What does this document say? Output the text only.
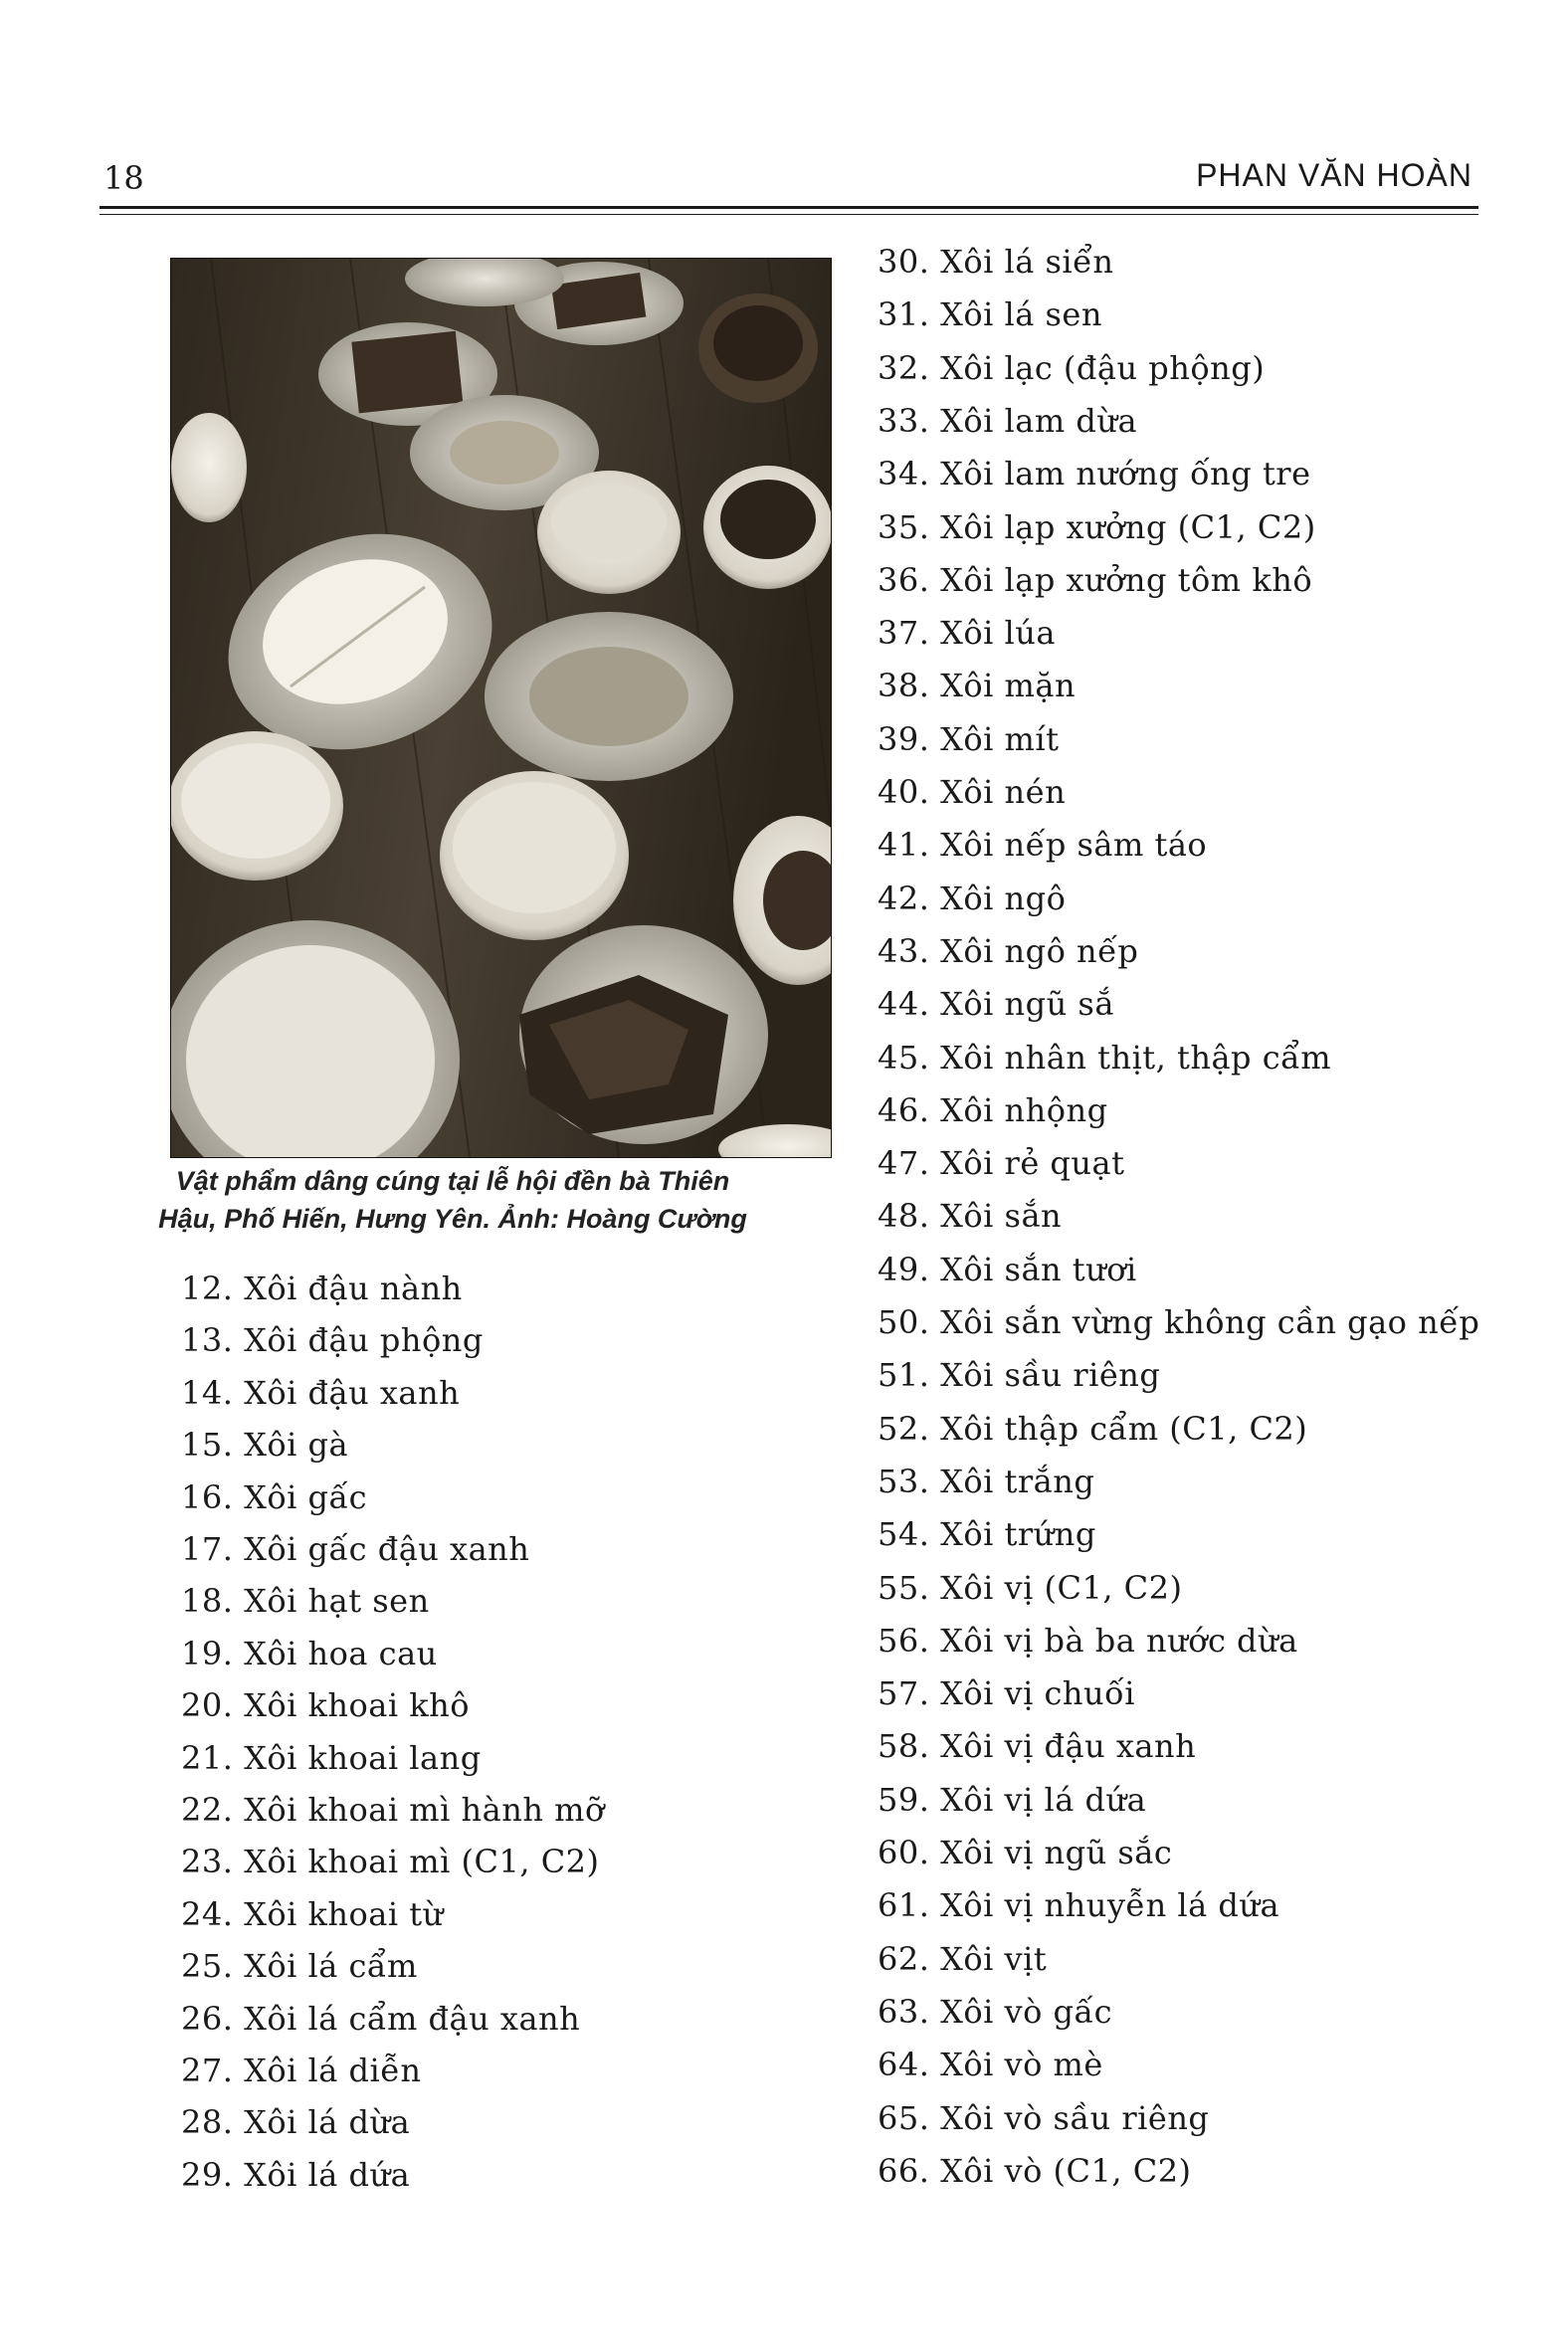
18	PHAN VĂN HOÀN
Vật phẩm dâng cúng tại lễ hội đền bà Thiên
Hậu, Phố Hiến, Hưng Yên. Ảnh: Hoàng Cường
12. Xôi đậu nành
13. Xôi đậu phộng
14. Xôi đậu xanh
15. Xôi gà
16. Xôi gấc
17. Xôi gấc đậu xanh
18. Xôi hạt sen
19. Xôi hoa cau
20. Xôi khoai khô
21. Xôi khoai lang
22. Xôi khoai mì hành mỡ
23. Xôi khoai mì (C1, C2)
24. Xôi khoai từ
25. Xôi lá cẩm
26. Xôi lá cẩm đậu xanh
27. Xôi lá diễn
28. Xôi lá dừa
29. Xôi lá dứa
30. Xôi lá siển
31. Xôi lá sen
32. Xôi lạc (đậu phộng)
33. Xôi lam dừa
34. Xôi lam nướng ống tre
35. Xôi lạp xưởng (C1, C2)
36. Xôi lạp xưởng tôm khô
37. Xôi lúa
38. Xôi mặn
39. Xôi mít
40. Xôi nén
41. Xôi nếp sâm táo
42. Xôi ngô
43. Xôi ngô nếp
44. Xôi ngũ sắ
45. Xôi nhân thịt, thập cẩm
46. Xôi nhộng
47. Xôi rẻ quạt
48. Xôi sắn
49. Xôi sắn tươi
50. Xôi sắn vừng không cần gạo nếp
51. Xôi sầu riêng
52. Xôi thập cẩm (C1, C2)
53. Xôi trắng
54. Xôi trứng
55. Xôi vị (C1, C2)
56. Xôi vị bà ba nước dừa
57. Xôi vị chuối
58. Xôi vị đậu xanh
59. Xôi vị lá dứa
60. Xôi vị ngũ sắc
61. Xôi vị nhuyễn lá dứa
62. Xôi vịt
63. Xôi vò gấc
64. Xôi vò mè
65. Xôi vò sầu riêng
66. Xôi vò (C1, C2)
